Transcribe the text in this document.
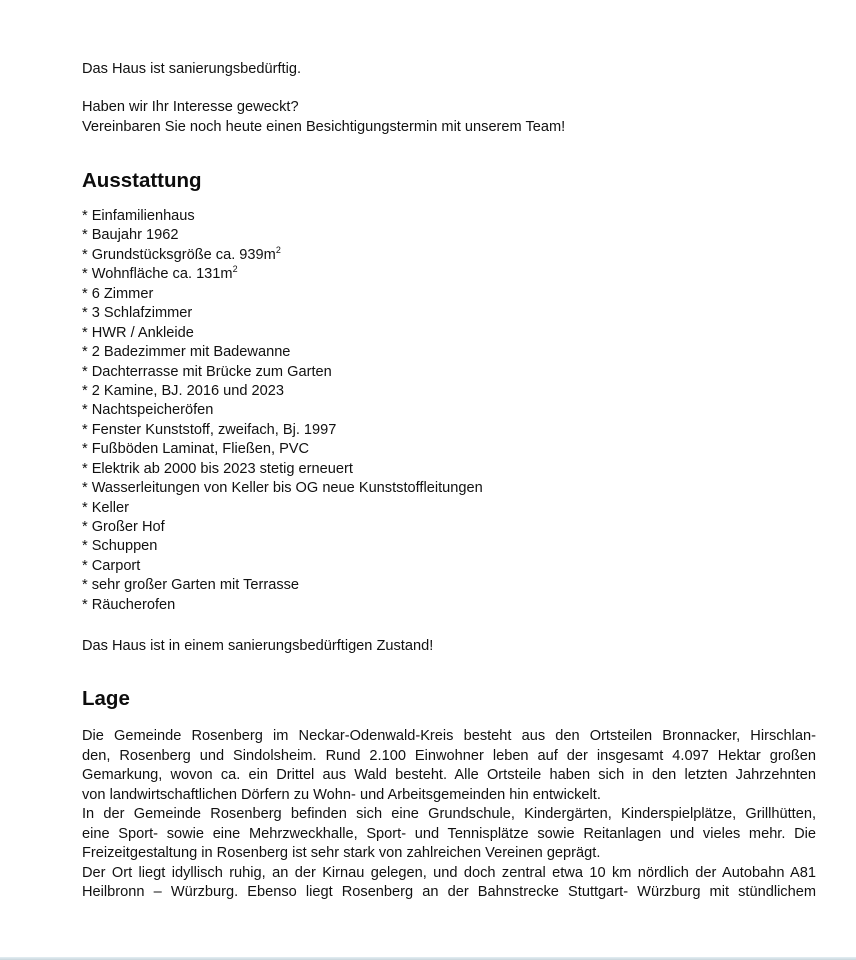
Das Haus ist sanierungsbedürftig.

Haben wir Ihr Interesse geweckt?

Vereinbaren Sie noch heute einen Besichtigungstermin mit unserem Team!

Ausstattung
* Einfamilienhaus
* Baujahr 1962
* Grundstücksgröße ca. $939m^2$
* Wohnfläche ca. $131m^2$
* 6 Zimmer
* 3 Schlafzimmer
* HWR / Ankleide
* 2 Badezimmer mit Badewanne
* Dachterrasse mit Brücke zum Garten
* 2 Kamine, BJ. 2016 und 2023
* Nachtspeicheröfen
* Fenster Kunststoff, zweifach, Bj. 1997
* Fußböden Laminat, Fließen, PVC
* Elektrik ab 2000 bis 2023 stetig erneuert
* Wasserleitungen von Keller bis OG neue Kunststoffleitungen
* Keller
* Großer Hof
* Schuppen
* Carport
* sehr großer Garten mit Terrasse
* Räucherofen

Das Haus ist in einem sanierungsbedürftigen Zustand!

Lage
Die Gemeinde Rosenberg im Neckar-Odenwald-Kreis besteht aus den Ortsteilen Bronnacker, Hirschlan-
den, Rosenberg und Sindolsheim. Rund 2.100 Einwohner leben auf der insgesamt 4.097 Hektar großen
Gemarkung, wovon ca. ein Drittel aus Wald besteht. Alle Ortsteile haben sich in den letzten Jahrzehnten
von landwirtschaftlichen Dörfern zu Wohn- und Arbeitsgemeinden hin entwickelt.
In der Gemeinde Rosenberg befinden sich eine Grundschule, Kindergärten, Kinderspielplätze, Grillhütten,
eine Sport- sowie eine Mehrzweckhalle, Sport- und Tennisplätze sowie Reitanlagen und vieles mehr. Die
Freizeitgestaltung in Rosenberg ist sehr stark von zahlreichen Vereinen geprägt.
Der Ort liegt idyllisch ruhig, an der Kirnau gelegen, und doch zentral etwa 10 km nördlich der Autobahn A81
Heilbronn – Würzburg. Ebenso liegt Rosenberg an der Bahnstrecke Stuttgart- Würzburg mit stündlichem
